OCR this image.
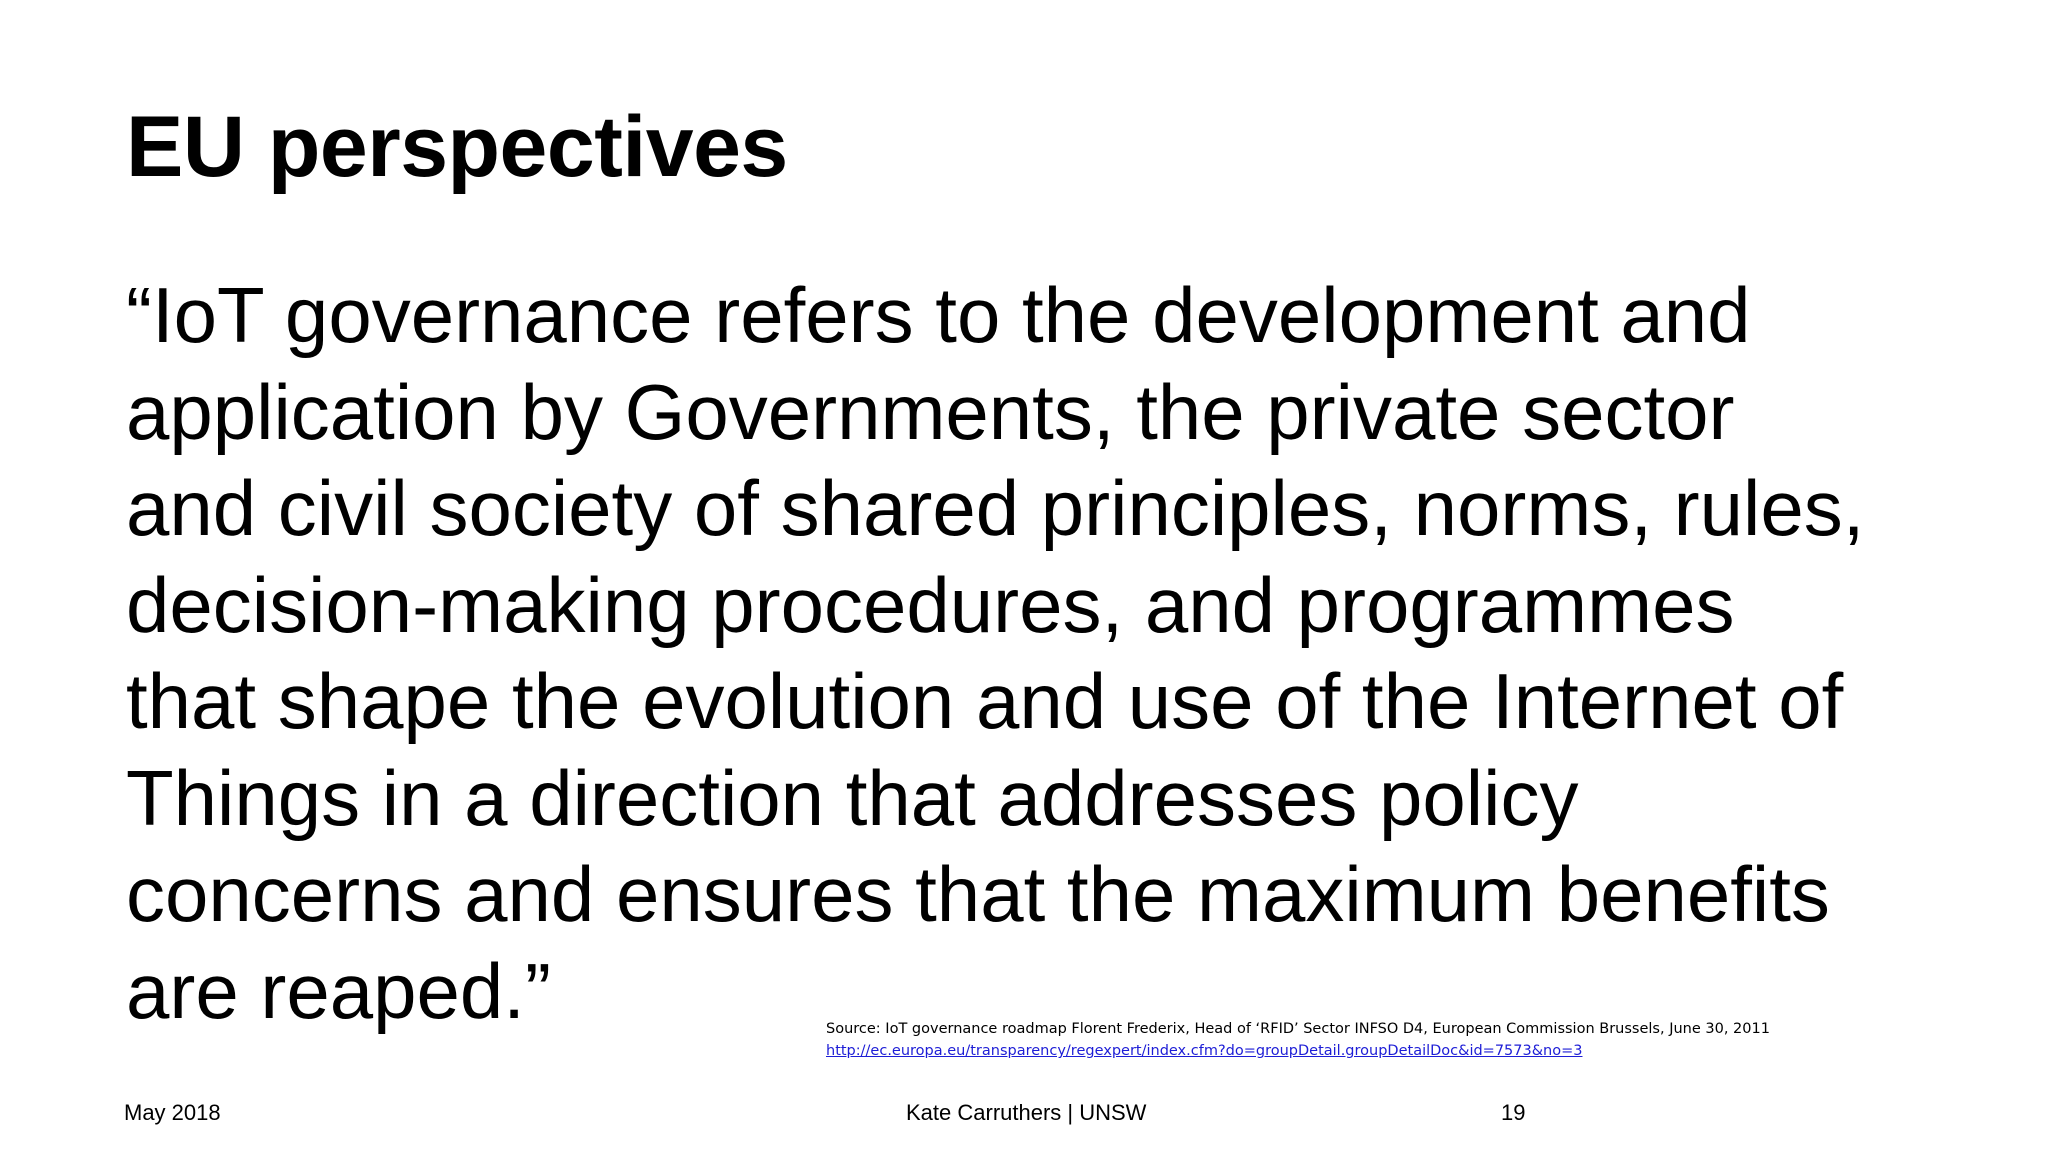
EU perspectives
“IoT governance refers to the development and
application by Governments, the private sector
and civil society of shared principles, norms, rules,
decision-making procedures, and programmes
that shape the evolution and use of the Internet of
Things in a direction that addresses policy
concerns and ensures that the maximum benefits
are reaped.”	Source: IoT governance roadmap Florent Frederix, Head of ‘RFID’ Sector INFSO D4, European Commission Brussels, June 30, 2011
http://ec.europa.eu/transparency/regexpert/index.cfm?do=groupDetail.groupDetailDoc&id=7573&no=3
May 2018	Kate Carruthers | UNSW	19
